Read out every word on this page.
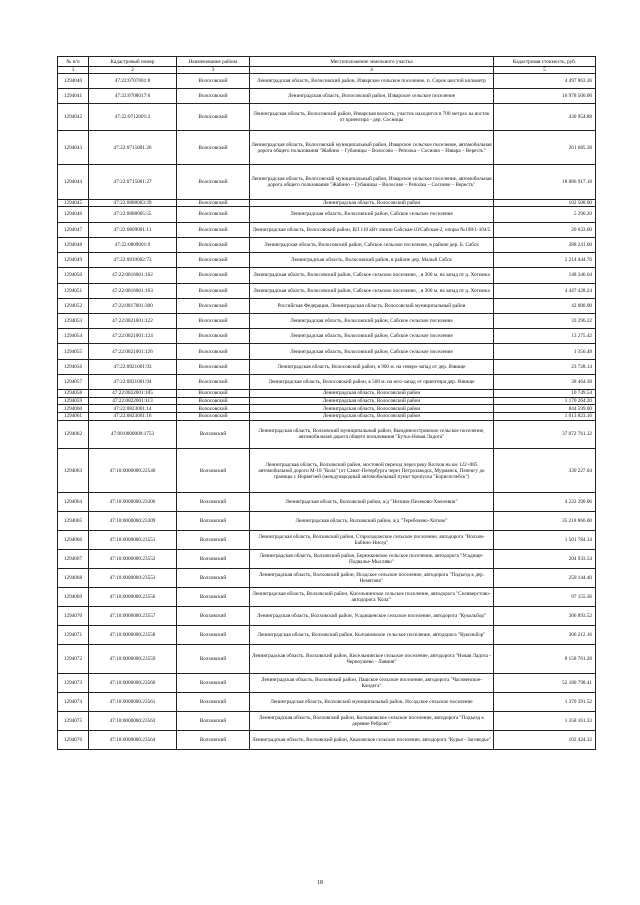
№ п/п	Кадастровый номер	Наименование района	Местоположение земельного участка	Кадастровая стоимость, руб.
1	2	3	4	5
1294040	47:22:0707001:8	Волосовский	Ленинградская область, Волосовский район, Изварское сельское поселение, п. Сорок шестой километр	4 497 863.36
1294041	47:22:0708017:6	Волосовский	Ленинградская область, Волосовский район, Изварское сельское поселение	16 978 500.00
1294042	47:22:0712001:2	Волосовский	Ленинградская область, Волосовский район, Изварская волость, участок находится в 700 метрах на восток от ориентира - дер. Сосницы	430 954.88
1294043	47:22:0715001:26	Волосовский	Ленинградская область, Волосовский муниципальный район, Изварское сельское поселение, автомобильная дорога общего пользования "Жабино – Губаницы – Волосово – Реполка – Сосново – Извара – Вересть"	261 685.38
1294044	47:22:0715001:27	Волосовский	Ленинградская область, Волосовский муниципальный район, Изварское сельское поселение, автомобильная дорога общего пользования "Жабино – Губаницы – Волосово – Реполка – Сосново – Вересть"	18 886 917.18
1294045	47:22:0808003:39	Волосовский	Ленинградская область, Волосовский район	102 508.00
1294046	47:22:0808005:55	Волосовский	Ленинградская область, Волосовский район, Сабское сельское поселение	5 296.20
1294047	47:22:0809001:11	Волосовский	Ленинградская область, Волосовский район, ВЛ 110 кВт линии Сабская-10/Сабская-2, опоры №108/1-104/5	20 633.60
1294048	47:22:0809001:9	Волосовский	Ленинградская область, Волосовский район, Сабское сельское поселение, в районе дер. Б. Сабск	388 241.60
1294049	47:22:0810002:73	Волосовский	Ленинградская область, Волосовский район, в районе дер. Малый Сабск	2 214 444.76
1294050	47:22:0816001:162	Волосовский	Ленинградская область, Волосовский район, Сабское сельское поселение, , в 300 м. на запад от д. Хотнежа	148 346.64
1294051	47:22:0816001:163	Волосовский	Ленинградская область, Волосовский район, Сабское сельское поселение, , в 300 м. на запад от д. Хотнежа	4 447 428.24
1294052	47:22:0817001:300	Волосовский	Российская Федерация, Ленинградская область, Волосовский муниципальный район	42 000.00
1294053	47:22:0821001:122	Волосовский	Ленинградская область, Волосовский район, Сабское сельское поселение	33 296.22
1294054	47:22:0821001:124	Волосовский	Ленинградская область, Волосовский район, Сабское сельское поселение	13 275.42
1294055	47:22:0821001:126	Волосовский	Ленинградская область, Волосовский район, Сабское сельское поселение	1 356.48
1294056	47:22:0821001:93	Волосовский	Ленинградская область, Волосовский район, в 900 м. на северо-запад от дер. Язвище	23 728.14
1294057	47:22:0821001:94	Волосовский	Ленинградская область, Волосовский район, в 500 м. на юго-запад от ориентира дер. Язвище	38 464.38
1294058	47:22:0822001:105	Волосовский	Ленинградская область, Волосовский район	10 749.54
1294059	47:22:0822001:113	Волосовский	Ленинградская область, Волосовский район	1 170 264.20
1294060	47:22:0823001:14	Волосовский	Ленинградская область, Волосовский район	844 599.00
1294061	47:22:0823001:16	Волосовский	Ленинградская область, Волосовский район	1 013 823.16
1294062	47:00:0000000:1753	Волховский	Ленинградская область, Волховский муниципальный район, Вындиноостровское сельское поселение, автомобильная дорога общего пользования "Бутьо-Новая Ладога"	37 072 761.32
1294063	47:10:0000000:22540	Волховский	Ленинградская область, Волховский район, мостовой переход через реку Волхов на км 122+085 автомобильной дороги М-18 "Кола" (от Санкт-Петербурга через Петрозаводск, Мурманск, Печенгу до границы с Норвегией (международный автомобильный пункт пропуска "Борисоглебск")	330 227.04
1294064	47:10:0000000:23306	Волховский	Ленинградская область, Волховский район, а/д "Низино-Пелеково-Хмелевик"	4 222 290.06
1294065	47:10:0000000:23309	Волховский	Ленинградская область, Волховский район, а/д "Теребочево-Хотово"	35 218 866.00
1294066	47:10:0000000:23551	Волховский	Ленинградская область, Волховский район, Староладожское сельское поселение, автодорога "Волхов-Бабино-Нисед"	1 501 784.34
1294067	47:10:0000000:23552	Волховский	Ленинградская область, Волховский район, Бережковское сельское поселение, автодорога "Усадище-Подвалье-Мысляво"	204 933.54
1294068	47:10:0000000:23553	Волховский	Ленинградская область, Волховский район, Исадское сельское поселение, автодорога "Подъезд к дер. Немятово"	250 144.40
1294069	47:10:0000000:23556	Волховский	Ленинградская область, Волховский район, Кисельнинское сельское поселение, автодорога "Селиверстово-автодорога 'Кола'"	97 155.36
1294070	47:10:0000000:23557	Волховский	Ленинградская область, Волховский район, Усадищенское сельское поселение, автодорога "Кукольбор"	306 893.52
1294071	47:10:0000000:23558	Волховский	Ленинградская область, Волховский район, Колчановское сельское поселение, автодорога "Кукольбор"	306 212.16
1294072	47:10:0000000:23559	Волховский	Ленинградская область, Волховский район, Кисельнинское сельское поселение, автодорога "Новая Ладога - Черноушево - Лавния"	8 158 761.28
1294073	47:10:0000000:23560	Волховский	Ленинградская область, Волховский район, Пашское сельское поселение, автодорога "Часовенское-Кондега"	52 180 798.41
1294074	47:10:0000000:23561	Волховский	Ленинградская область, Волховский муниципальный район, Иссадское сельское поселение	1 370 391.52
1294075	47:10:0000000:23563	Волховский	Ленинградская область, Волховский район, Колчановское сельское поселение, автодорога "Подъезд к деревне Реброво"	1 358 161.33
1294076	47:10:0000000:23564	Волховский	Ленинградская область, Волховский район, Хваловское сельское поселение, автодорога "Курья - Заговодье"	102 424.32
18
